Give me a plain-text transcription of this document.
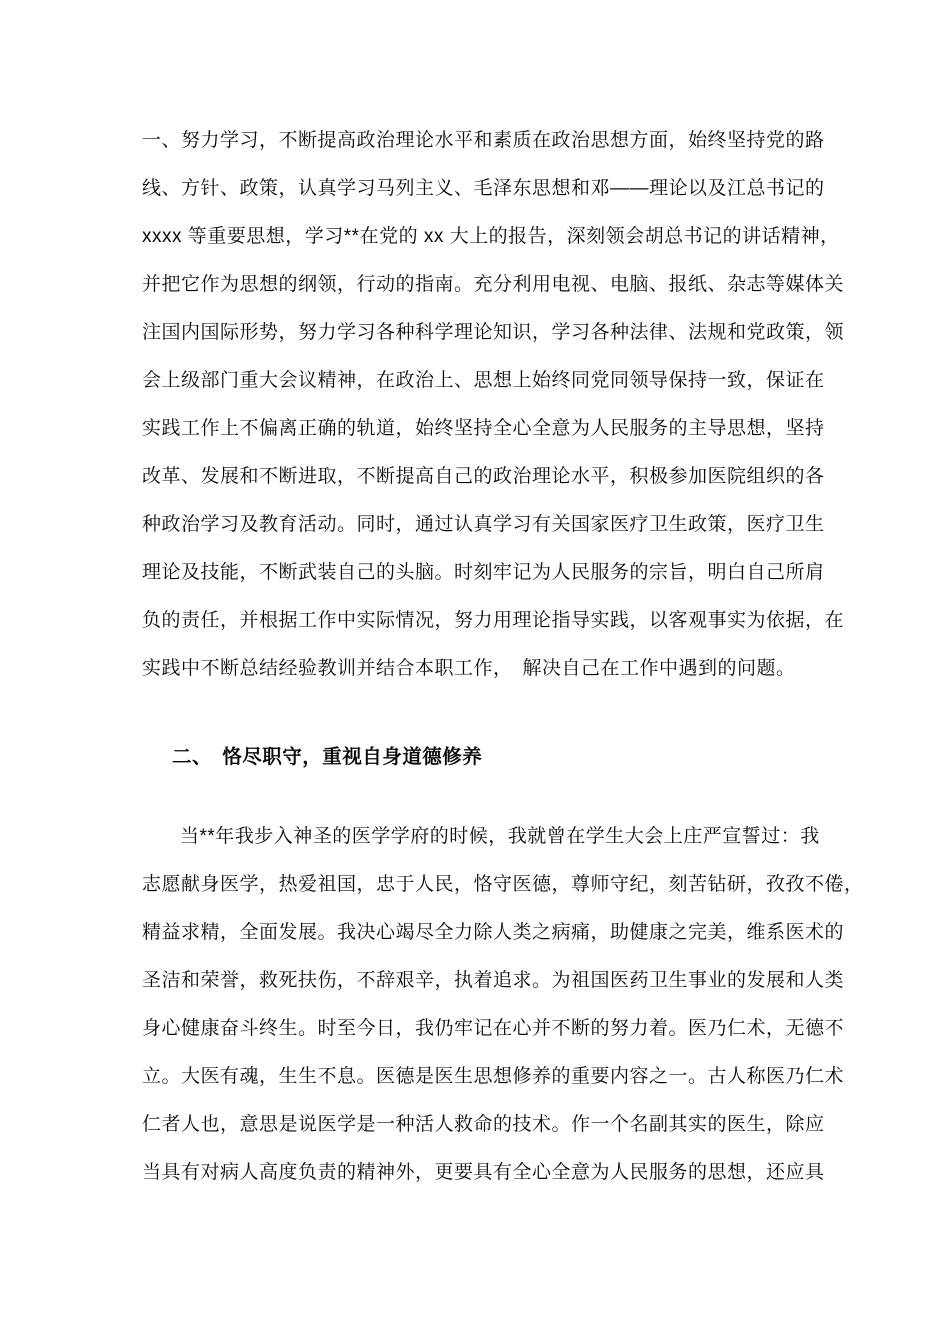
一、努力学习，不断提高政治理论水平和素质在政治思想方面，始终坚持党的路
线、方针、政策，认真学习马列主义、毛泽东思想和邓——理论以及江总书记的
xxxx 等重要思想，学习**在党的 xx 大上的报告，深刻领会胡总书记的讲话精神，
并把它作为思想的纲领，行动的指南。充分利用电视、电脑、报纸、杂志等媒体关
注国内国际形势，努力学习各种科学理论知识，学习各种法律、法规和党政策，领
会上级部门重大会议精神，在政治上、思想上始终同党同领导保持一致，保证在
实践工作上不偏离正确的轨道，始终坚持全心全意为人民服务的主导思想，坚持
改革、发展和不断进取，不断提高自己的政治理论水平，积极参加医院组织的各
种政治学习及教育活动。同时，通过认真学习有关国家医疗卫生政策，医疗卫生
理论及技能，不断武装自己的头脑。时刻牢记为人民服务的宗旨，明白自己所肩
负的责任，并根据工作中实际情况，努力用理论指导实践，以客观事实为依据，在
实践中不断总结经验教训并结合本职工作，　解决自己在工作中遇到的问题。
二、　恪尽职守，重视自身道德修养
当**年我步入神圣的医学学府的时候，我就曾在学生大会上庄严宣誓过：我
志愿献身医学，热爱祖国，忠于人民，恪守医德，尊师守纪，刻苦钻研，孜孜不倦，
精益求精，全面发展。我决心竭尽全力除人类之病痛，助健康之完美，维系医术的
圣洁和荣誉，救死扶伤，不辞艰辛，执着追求。为祖国医药卫生事业的发展和人类
身心健康奋斗终生。时至今日，我仍牢记在心并不断的努力着。医乃仁术，无德不
立。大医有魂，生生不息。医德是医生思想修养的重要内容之一。古人称医乃仁术
仁者人也，意思是说医学是一种活人救命的技术。作一个名副其实的医生，除应
当具有对病人高度负责的精神外，更要具有全心全意为人民服务的思想，还应具
